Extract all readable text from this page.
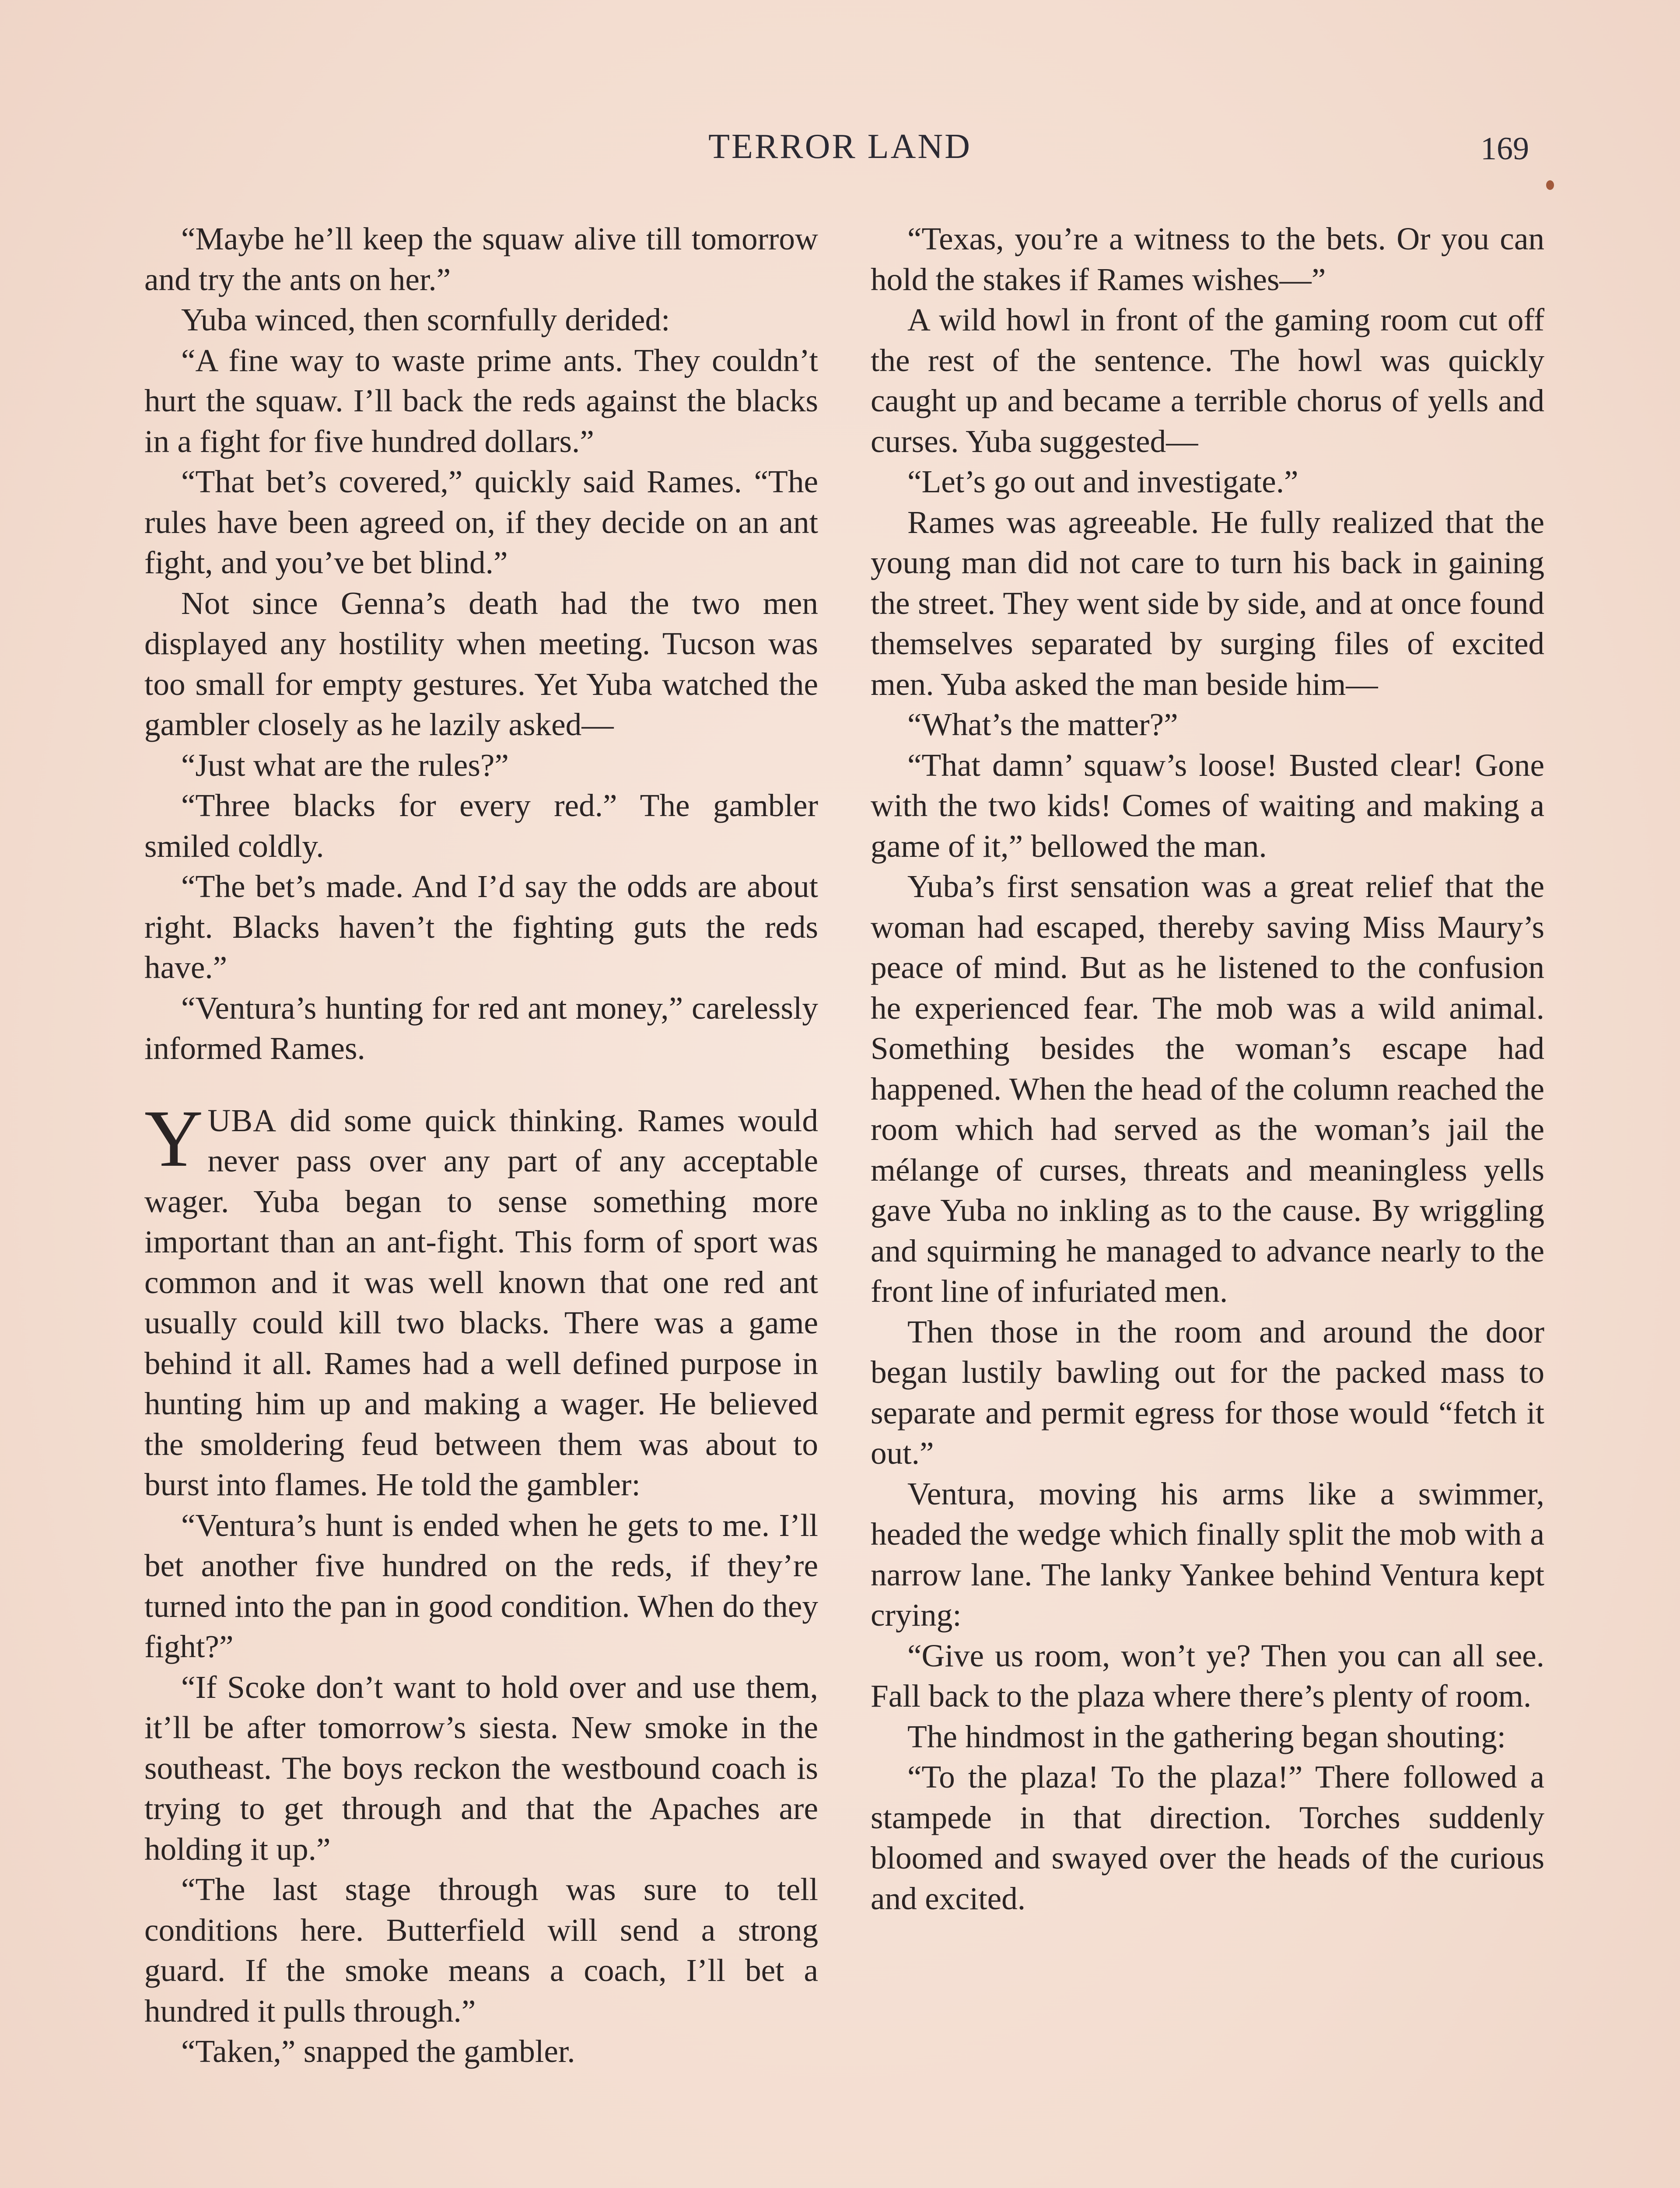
TERROR LAND	169

“Maybe he’ll keep the squaw alive till tomorrow and try the ants on her.”

Yuba winced, then scornfully derided:

“A fine way to waste prime ants. They couldn’t hurt the squaw. I’ll back the reds against the blacks in a fight for five hundred dollars.”

“That bet’s covered,” quickly said Rames. “The rules have been agreed on, if they decide on an ant fight, and you’ve bet blind.”

Not since Genna’s death had the two men displayed any hostility when meeting. Tucson was too small for empty gestures. Yet Yuba watched the gambler closely as he lazily asked—

“Just what are the rules?”

“Three blacks for every red.” The gambler smiled coldly.

“The bet’s made. And I’d say the odds are about right. Blacks haven’t the fighting guts the reds have.”

“Ventura’s hunting for red ant money,” carelessly informed Rames.

YUBA did some quick thinking. Rames would never pass over any part of any acceptable wager. Yuba began to sense something more important than an ant-fight. This form of sport was common and it was well known that one red ant usually could kill two blacks. There was a game behind it all. Rames had a well defined purpose in hunting him up and making a wager. He believed the smoldering feud between them was about to burst into flames. He told the gambler:

“Ventura’s hunt is ended when he gets to me. I’ll bet another five hundred on the reds, if they’re turned into the pan in good condition. When do they fight?”

“If Scoke don’t want to hold over and use them, it’ll be after tomorrow’s siesta. New smoke in the southeast. The boys reckon the westbound coach is trying to get through and that the Apaches are holding it up.”

“The last stage through was sure to tell conditions here. Butterfield will send a strong guard. If the smoke means a coach, I’ll bet a hundred it pulls through.”

“Taken,” snapped the gambler.

“Texas, you’re a witness to the bets. Or you can hold the stakes if Rames wishes—”

A wild howl in front of the gaming room cut off the rest of the sentence. The howl was quickly caught up and became a terrible chorus of yells and curses. Yuba suggested—

“Let’s go out and investigate.”

Rames was agreeable. He fully realized that the young man did not care to turn his back in gaining the street. They went side by side, and at once found themselves separated by surging files of excited men. Yuba asked the man beside him—

“What’s the matter?”

“That damn’ squaw’s loose! Busted clear! Gone with the two kids! Comes of waiting and making a game of it,” bellowed the man.

Yuba’s first sensation was a great relief that the woman had escaped, thereby saving Miss Maury’s peace of mind. But as he listened to the confusion he experienced fear. The mob was a wild animal. Something besides the woman’s escape had happened. When the head of the column reached the room which had served as the woman’s jail the mélange of curses, threats and meaningless yells gave Yuba no inkling as to the cause. By wriggling and squirming he managed to advance nearly to the front line of infuriated men.

Then those in the room and around the door began lustily bawling out for the packed mass to separate and permit egress for those would “fetch it out.”

Ventura, moving his arms like a swimmer, headed the wedge which finally split the mob with a narrow lane. The lanky Yankee behind Ventura kept crying:

“Give us room, won’t ye? Then you can all see. Fall back to the plaza where there’s plenty of room.

The hindmost in the gathering began shouting:

“To the plaza! To the plaza!” There followed a stampede in that direction. Torches suddenly bloomed and swayed over the heads of the curious and excited.
